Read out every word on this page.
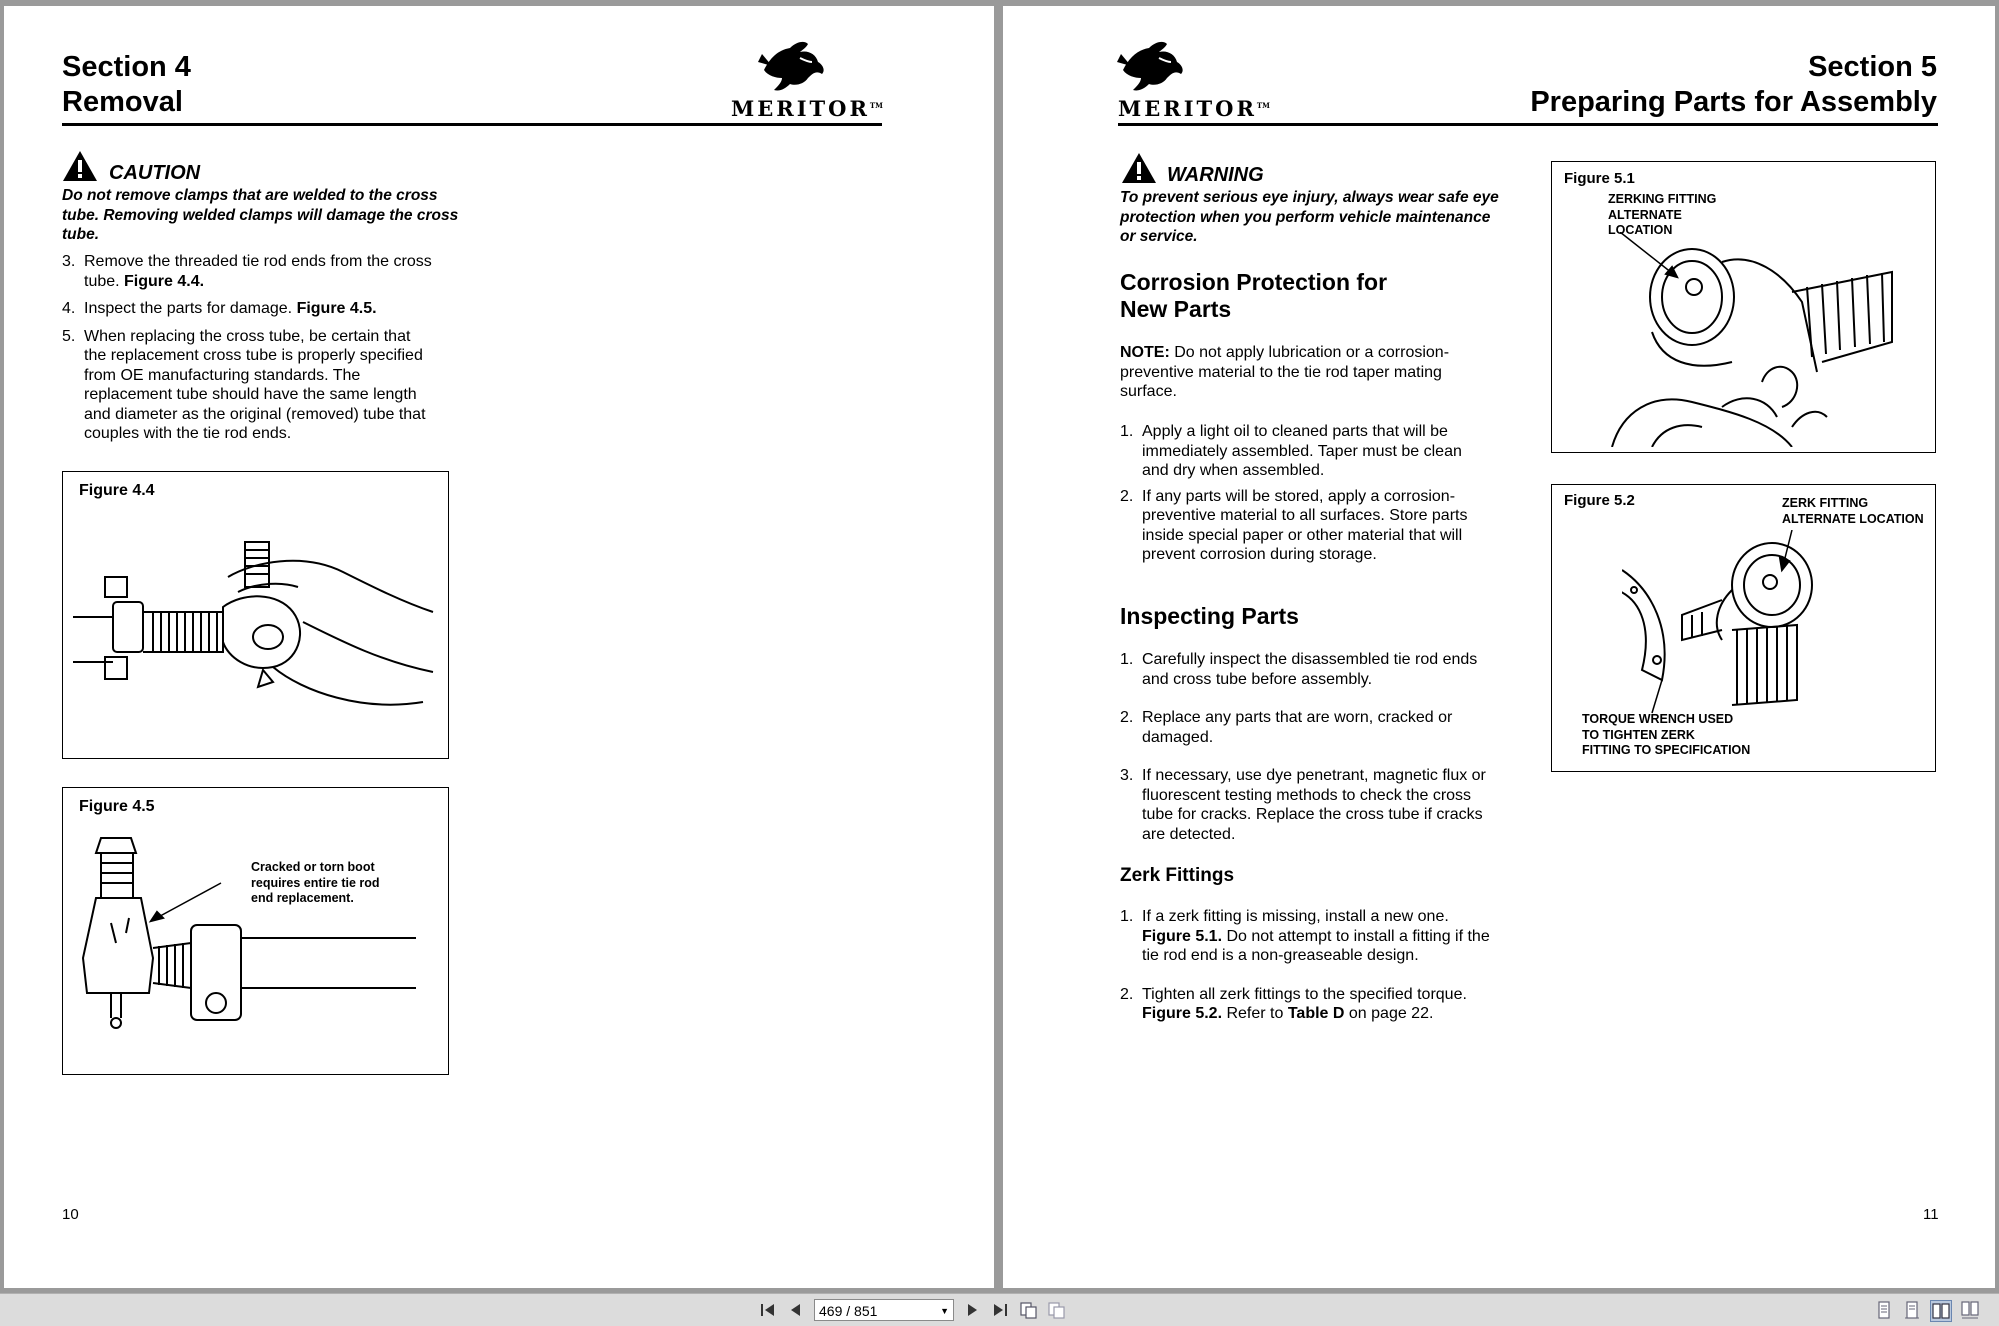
Section 4
Removal	MERITOR™
CAUTION
Do not remove clamps that are welded to the cross tube. Removing welded clamps will damage the cross tube.
3. Remove the threaded tie rod ends from the cross tube. Figure 4.4.
4. Inspect the parts for damage. Figure 4.5.
5. When replacing the cross tube, be certain that the replacement cross tube is properly specified from OE manufacturing standards. The replacement tube should have the same length and diameter as the original (removed) tube that couples with the tie rod ends.
Figure 4.4
Figure 4.5
Cracked or torn boot requires entire tie rod end replacement.
10
MERITOR™
Section 5
Preparing Parts for Assembly
WARNING
To prevent serious eye injury, always wear safe eye protection when you perform vehicle maintenance or service.
Corrosion Protection for
New Parts
NOTE: Do not apply lubrication or a corrosion-preventive material to the tie rod taper mating surface.
1. Apply a light oil to cleaned parts that will be immediately assembled. Taper must be clean and dry when assembled.
2. If any parts will be stored, apply a corrosion-preventive material to all surfaces. Store parts inside special paper or other material that will prevent corrosion during storage.
Inspecting Parts
1. Carefully inspect the disassembled tie rod ends and cross tube before assembly.
2. Replace any parts that are worn, cracked or damaged.
3. If necessary, use dye penetrant, magnetic flux or fluorescent testing methods to check the cross tube for cracks. Replace the cross tube if cracks are detected.
Zerk Fittings
1. If a zerk fitting is missing, install a new one. Figure 5.1. Do not attempt to install a fitting if the tie rod end is a non-greaseable design.
2. Tighten all zerk fittings to the specified torque. Figure 5.2. Refer to Table D on page 22.
Figure 5.1
ZERKING FITTING
ALTERNATE
LOCATION
Figure 5.2	ZERK FITTING
ALTERNATE LOCATION
TORQUE WRENCH USED
TO TIGHTEN ZERK
FITTING TO SPECIFICATION
11
469 / 851	▼
